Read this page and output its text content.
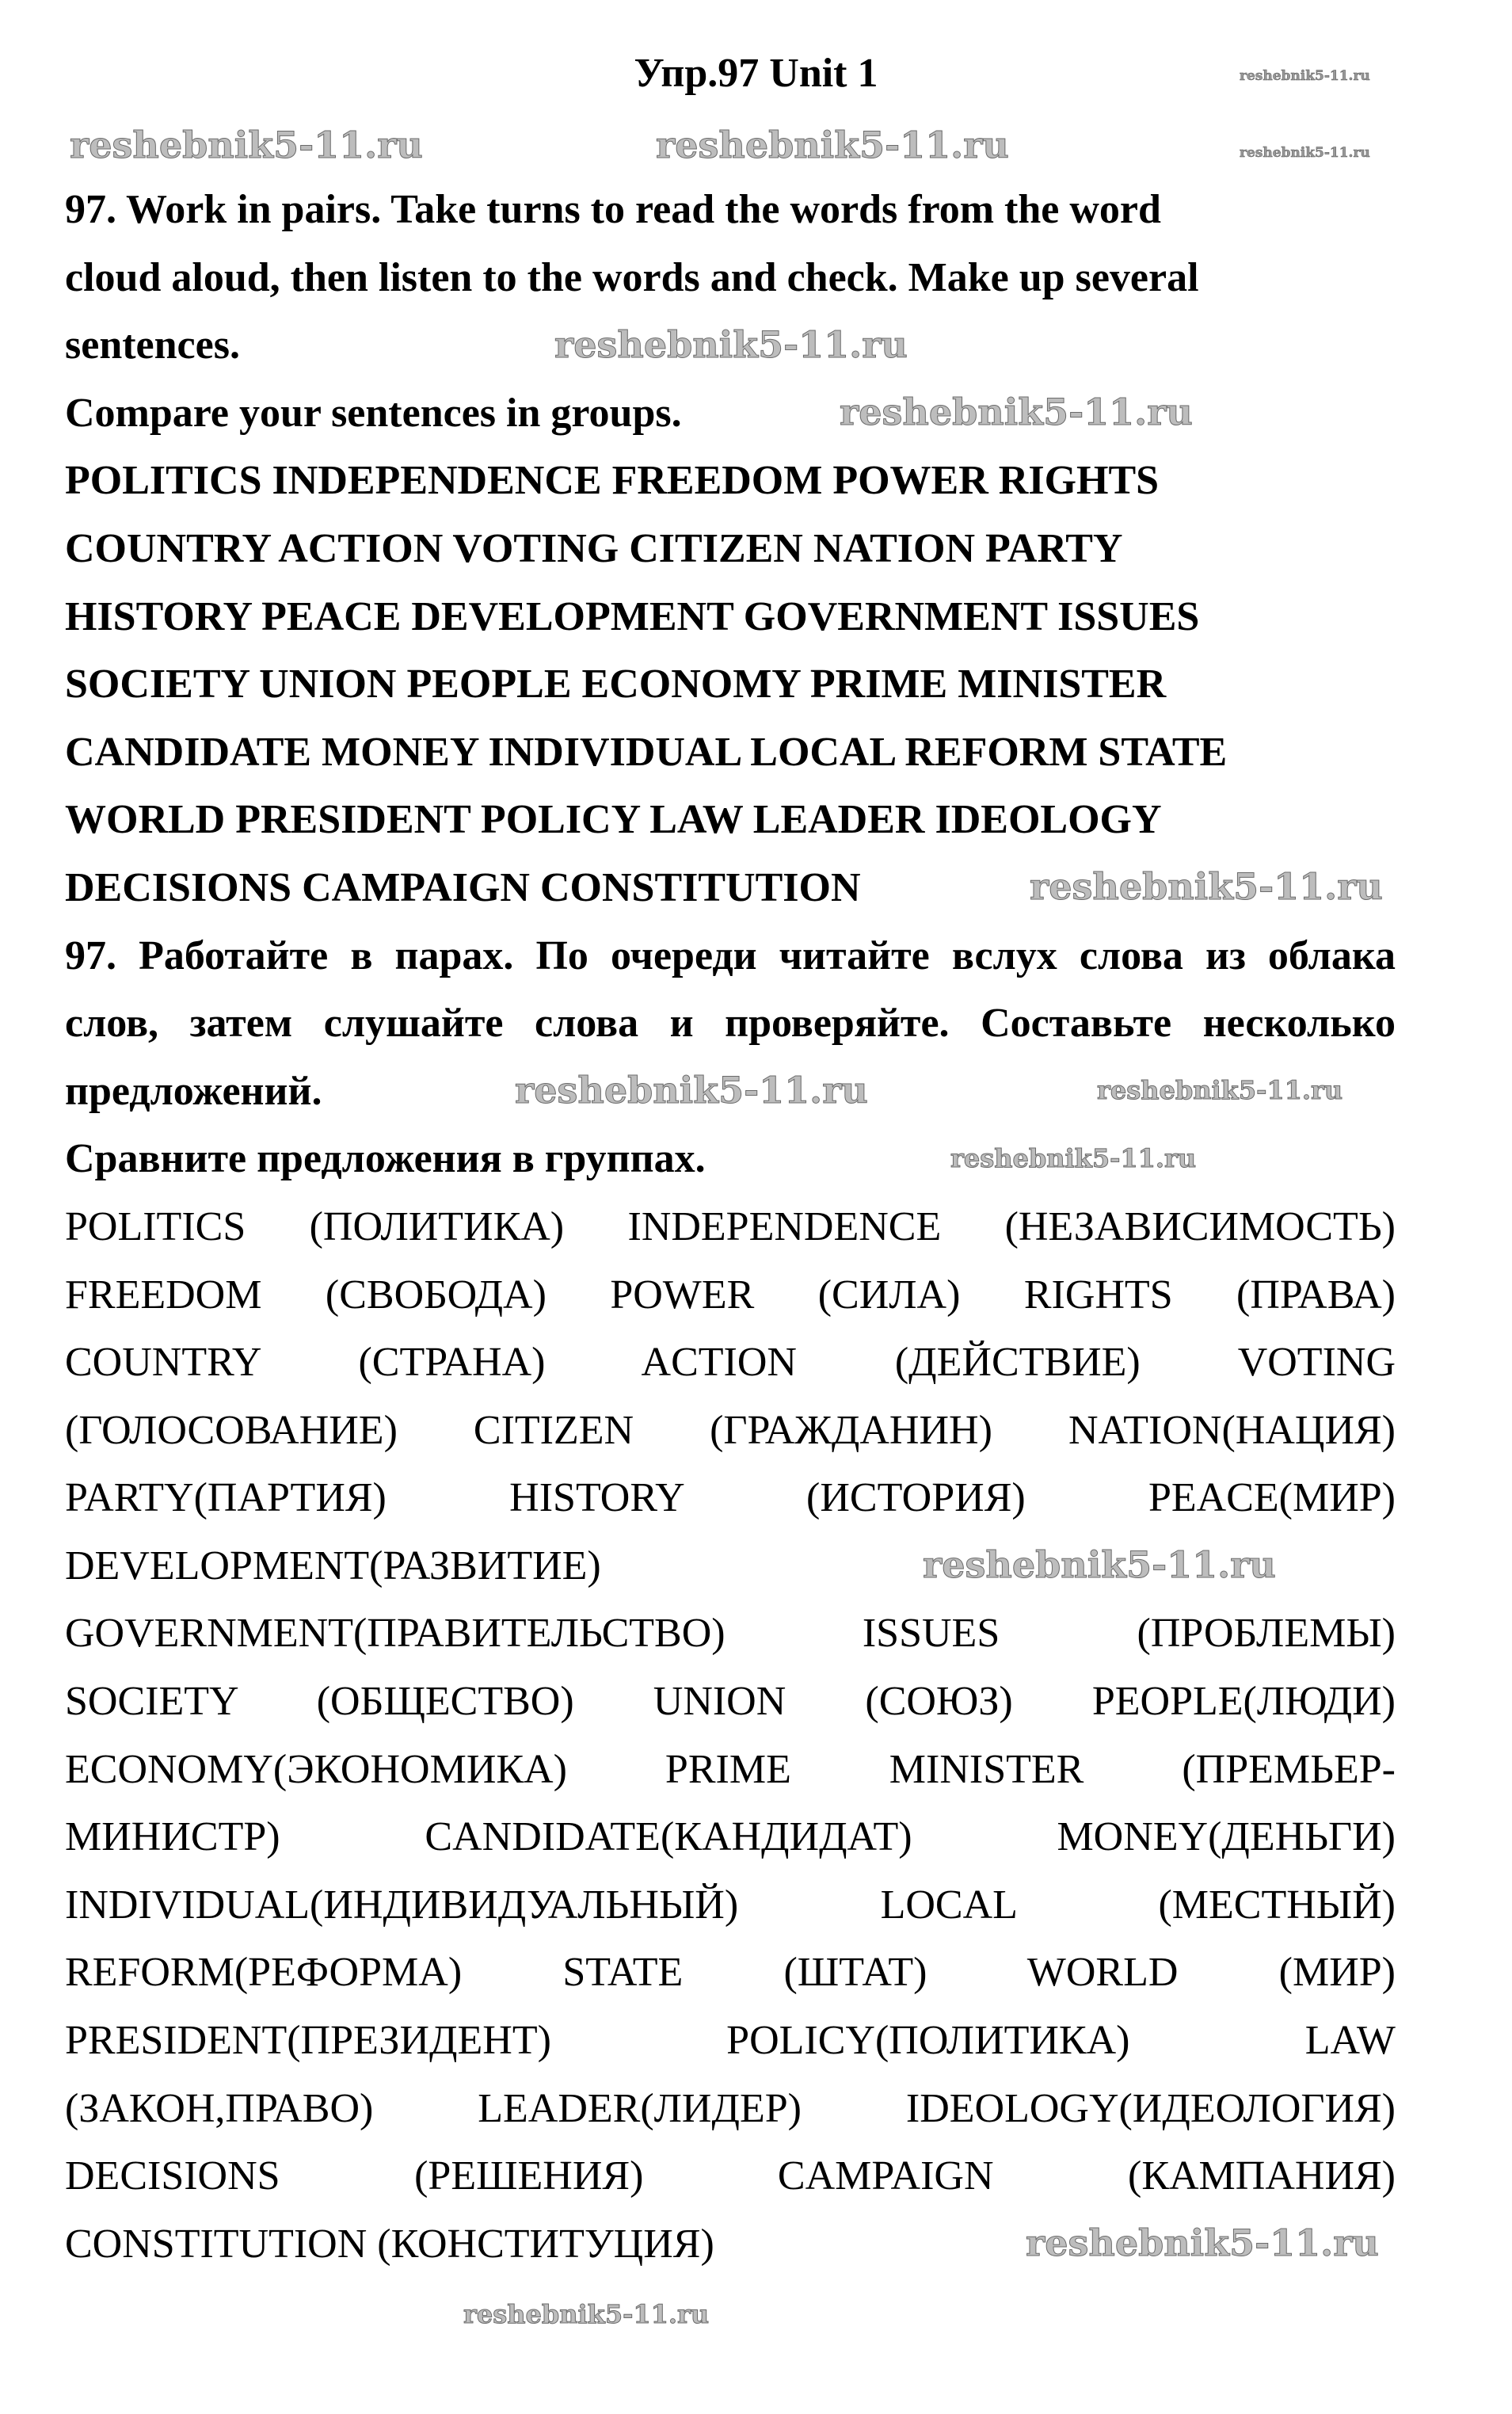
Упр.97 Unit 1
97. Work in pairs. Take turns to read the words from the word
cloud aloud, then listen to the words and check. Make up several
sentences.
Compare your sentences in groups.
POLITICS INDEPENDENCE FREEDOM POWER RIGHTS
COUNTRY ACTION VOTING CITIZEN NATION PARTY
HISTORY PEACE DEVELOPMENT GOVERNMENT ISSUES
SOCIETY UNION PEOPLE ECONOMY PRIME MINISTER
CANDIDATE MONEY INDIVIDUAL LOCAL REFORM STATE
WORLD PRESIDENT POLICY LAW LEADER IDEOLOGY
DECISIONS CAMPAIGN CONSTITUTION
97. Работайте в парах. По очереди читайте вслух слова из облака
слов, затем слушайте слова и проверяйте. Составьте несколько
предложений.
Сравните предложения в группах.
POLITICS (ПОЛИТИКА) INDEPENDENCE (НЕЗАВИСИМОСТЬ)
FREEDOM (СВОБОДА) POWER (СИЛА) RIGHTS (ПРАВА)
COUNTRY (СТРАНА) ACTION (ДЕЙСТВИЕ) VOTING
(ГОЛОСОВАНИЕ) CITIZEN (ГРАЖДАНИН) NATION(НАЦИЯ)
PARTY(ПАРТИЯ) HISTORY (ИСТОРИЯ) PEACE(МИР)
DEVELOPMENT(РАЗВИТИЕ)
GOVERNMENT(ПРАВИТЕЛЬСТВО) ISSUES (ПРОБЛЕМЫ)
SOCIETY (ОБЩЕСТВО) UNION (СОЮЗ) PEOPLE(ЛЮДИ)
ECONOMY(ЭКОНОМИКА) PRIME MINISTER (ПРЕМЬЕР-
МИНИСТР) CANDIDATE(КАНДИДАТ) MONEY(ДЕНЬГИ)
INDIVIDUAL(ИНДИВИДУАЛЬНЫЙ) LOCAL (МЕСТНЫЙ)
REFORM(РЕФОРМА) STATE (ШТАТ) WORLD (МИР)
PRESIDENT(ПРЕЗИДЕНТ) POLICY(ПОЛИТИКА) LAW
(ЗАКОН,ПРАВО) LEADER(ЛИДЕР) IDEOLOGY(ИДЕОЛОГИЯ)
DECISIONS (РЕШЕНИЯ) CAMPAIGN (КАМПАНИЯ)
CONSTITUTION (КОНСТИТУЦИЯ)
reshebnik5-11.ru
reshebnik5-11.ru	reshebnik5-11.ru	reshebnik5-11.ru
reshebnik5-11.ru
reshebnik5-11.ru
reshebnik5-11.ru
reshebnik5-11.ru	reshebnik5-11.ru
reshebnik5-11.ru
reshebnik5-11.ru
reshebnik5-11.ru
reshebnik5-11.ru
